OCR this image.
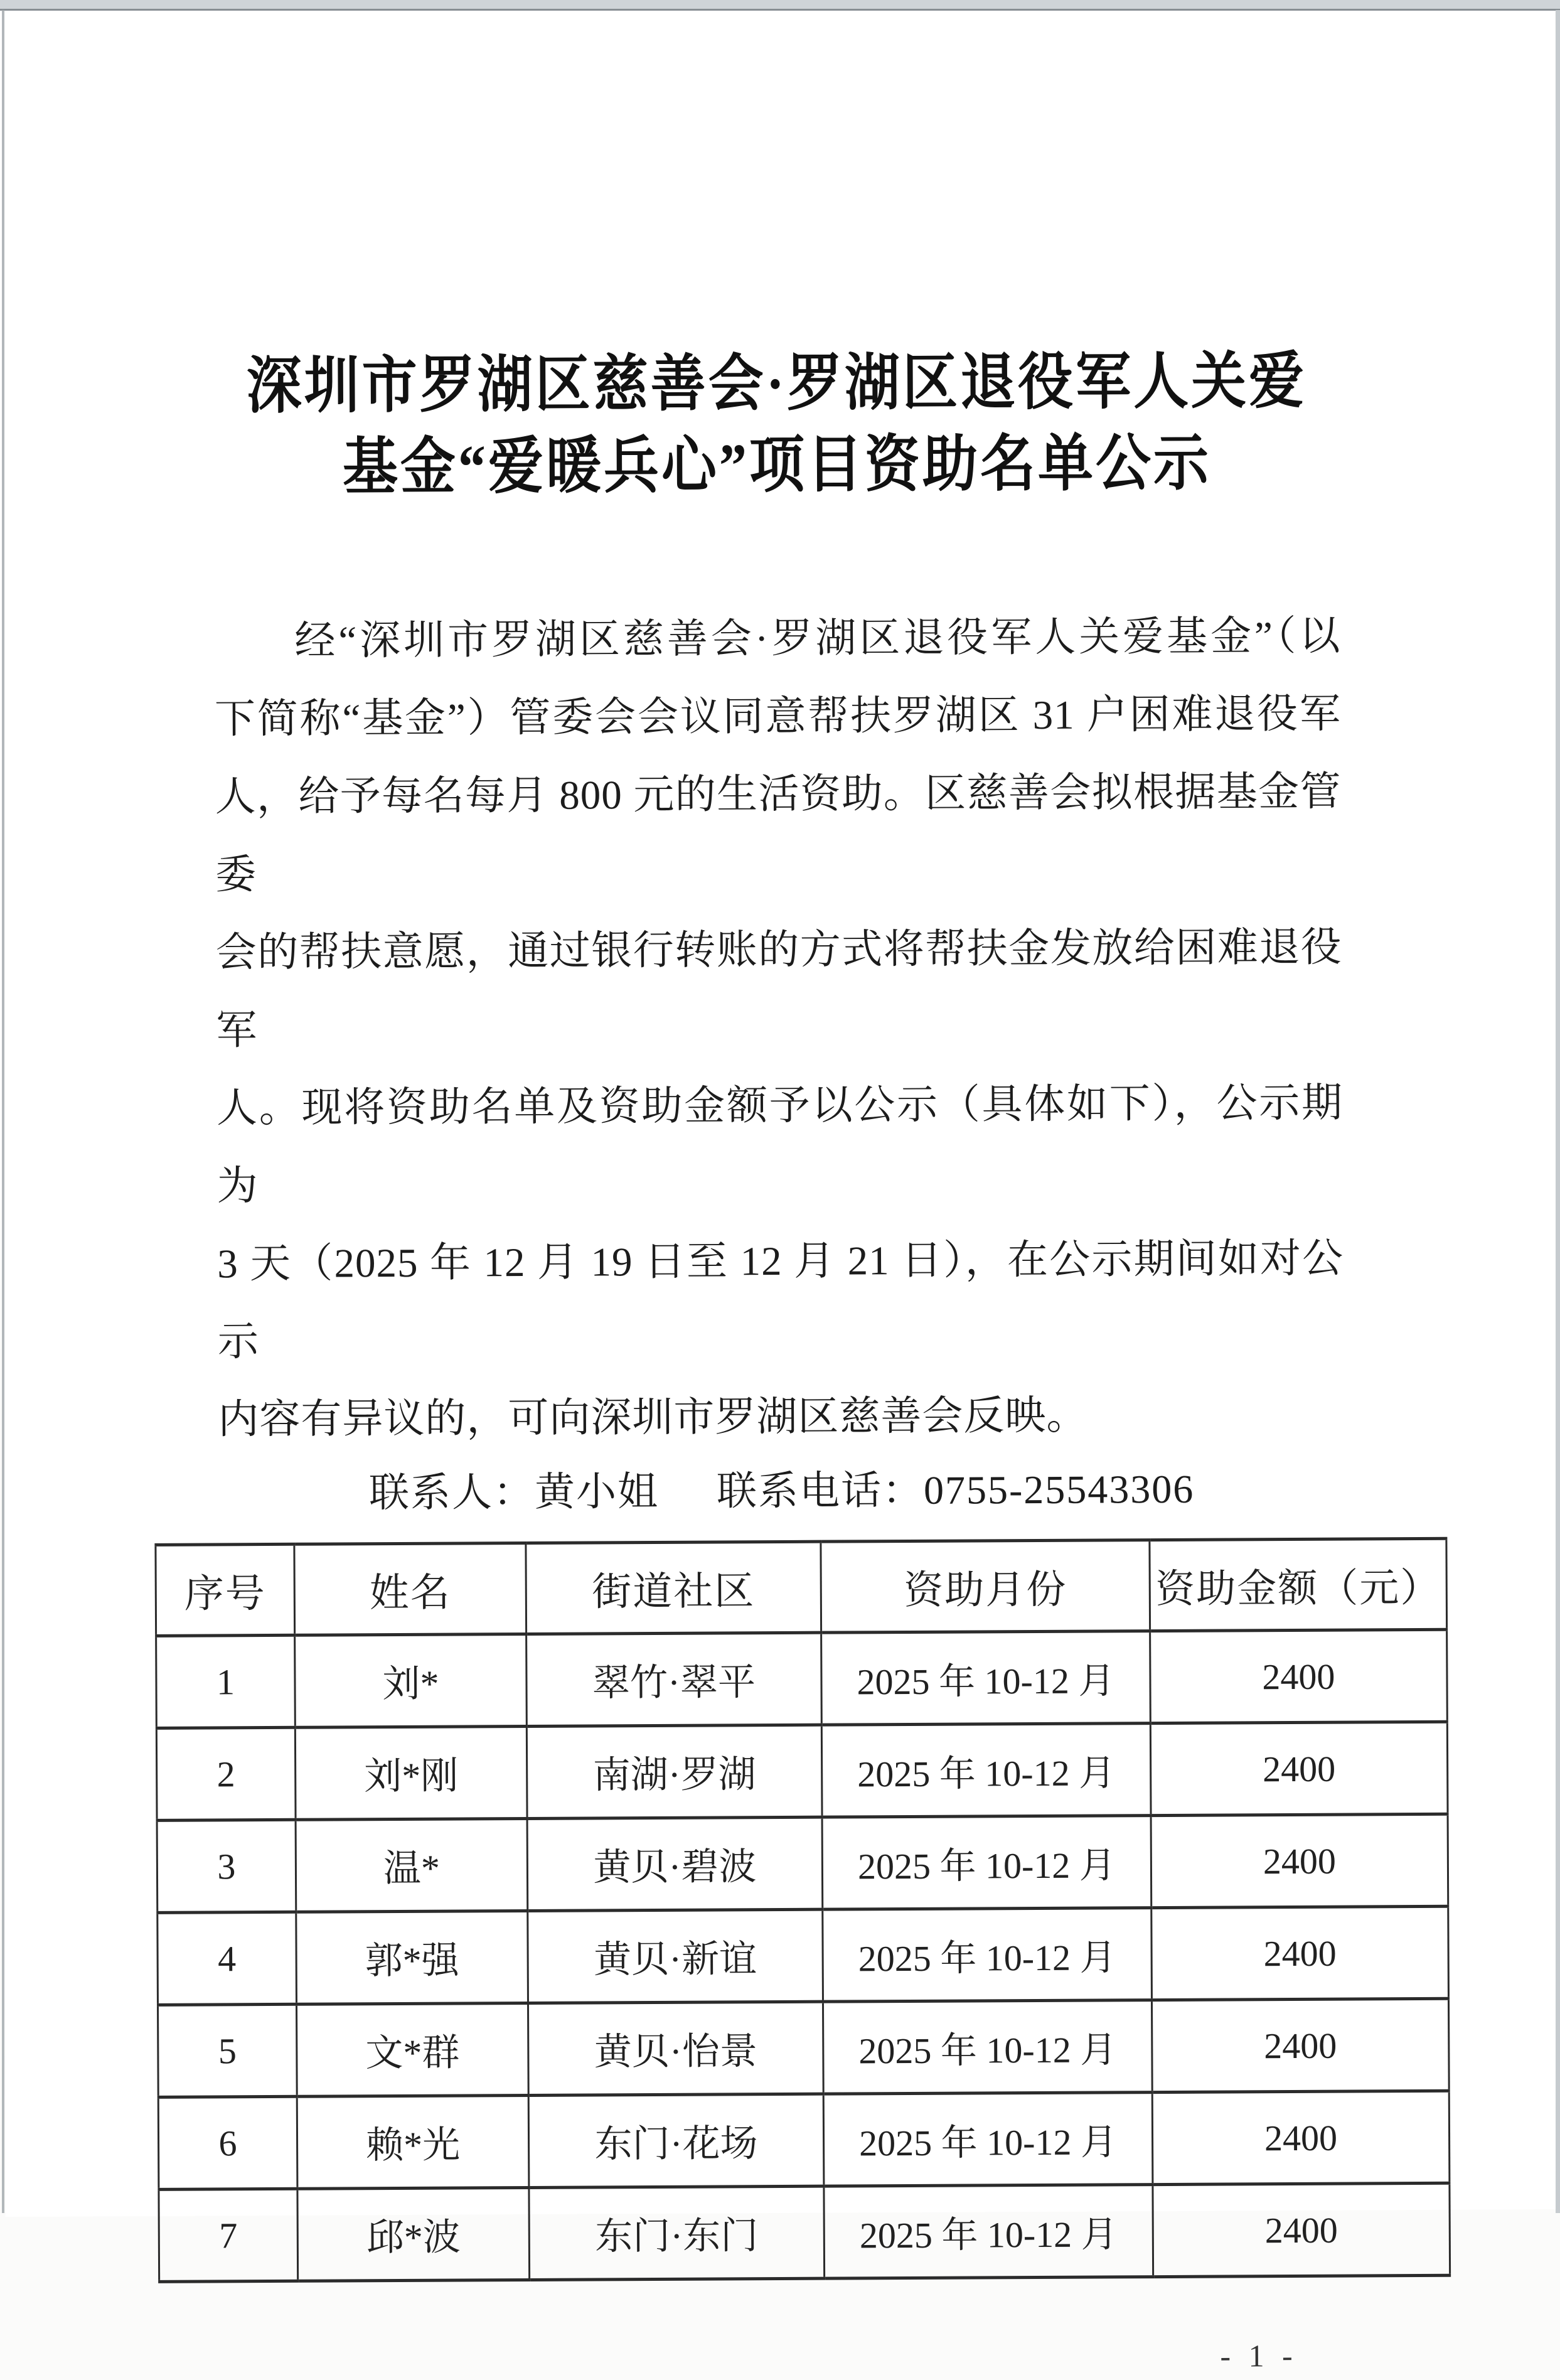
深圳市罗湖区慈善会·罗湖区退役军人关爱
基金“爱暖兵心”项目资助名单公示

经“深圳市罗湖区慈善会·罗湖区退役军人关爱基金”（以

下简称“基金”）管委会会议同意帮扶罗湖区 31 户困难退役军

人，给予每名每月 800 元的生活资助。区慈善会拟根据基金管委

会的帮扶意愿，通过银行转账的方式将帮扶金发放给困难退役军

人。现将资助名单及资助金额予以公示（具体如下），公示期为

3 天（2025 年 12 月 19 日至 12 月 21 日），在公示期间如对公示

内容有异议的，可向深圳市罗湖区慈善会反映。

联系人：黄小姐 联系电话：0755-25543306
序号	姓名	街道社区	资助月份	资助金额（元）
1	刘*	翠竹·翠平	2025 年 10-12 月	2400
2	刘*刚	南湖·罗湖	2025 年 10-12 月	2400
3	温*	黄贝·碧波	2025 年 10-12 月	2400
4	郭*强	黄贝·新谊	2025 年 10-12 月	2400
5	文*群	黄贝·怡景	2025 年 10-12 月	2400
6	赖*光	东门·花场	2025 年 10-12 月	2400
7	邱*波	东门·东门	2025 年 10-12 月	2400
- 1 -
